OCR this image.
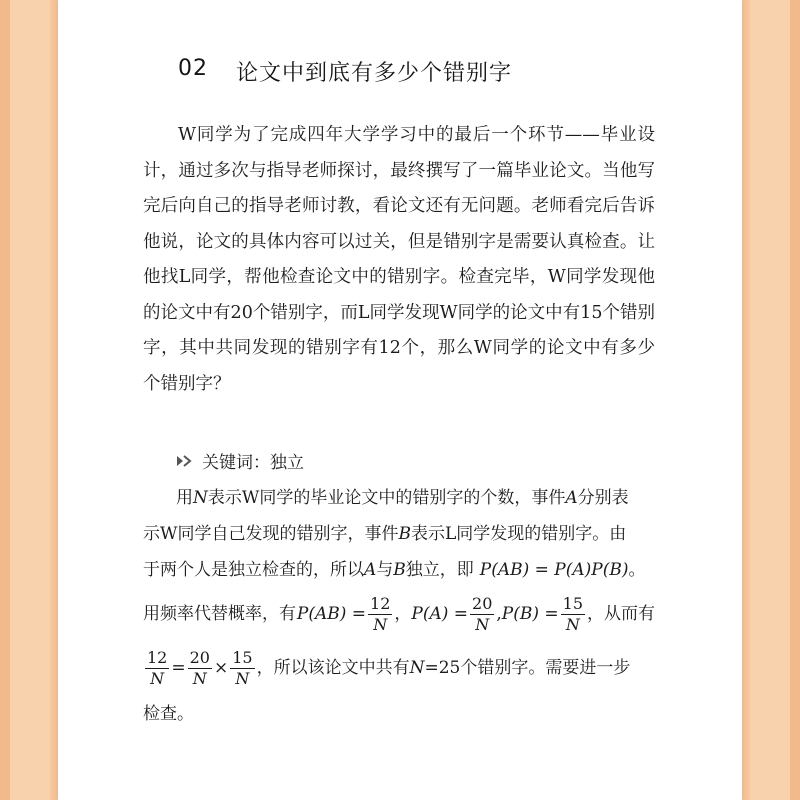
02 论文中到底有多少个错别字

W同学为了完成四年大学学习中的最后一个环节——毕业设计，通过多次与指导老师探讨，最终撰写了一篇毕业论文。当他写完后向自己的指导老师讨教，看论文还有无问题。老师看完后告诉他说，论文的具体内容可以过关，但是错别字是需要认真检查。让他找L同学，帮他检查论文中的错别字。检查完毕，W同学发现他的论文中有20个错别字，而L同学发现W同学的论文中有15个错别字，其中共同发现的错别字有12个，那么W同学的论文中有多少个错别字？

关键词：独立
用N表示W同学的毕业论文中的错别字的个数，事件A分别表
示W同学自己发现的错别字，事件B表示L同学发现的错别字。由
于两个人是独立检查的，所以A与B独立，即 P(AB) = P(A)P(B)。
用频率代替概率，有 $P(AB) = \frac{12}{N}$ ， $P(A) = \frac{20}{N}$ , $P(B) = \frac{15}{N}$ ，从而有
$\frac{12}{N} = \frac{20}{N} \times \frac{15}{N}$ ，所以该论文中共有 N =25个错别字。需要进一步
检查。
